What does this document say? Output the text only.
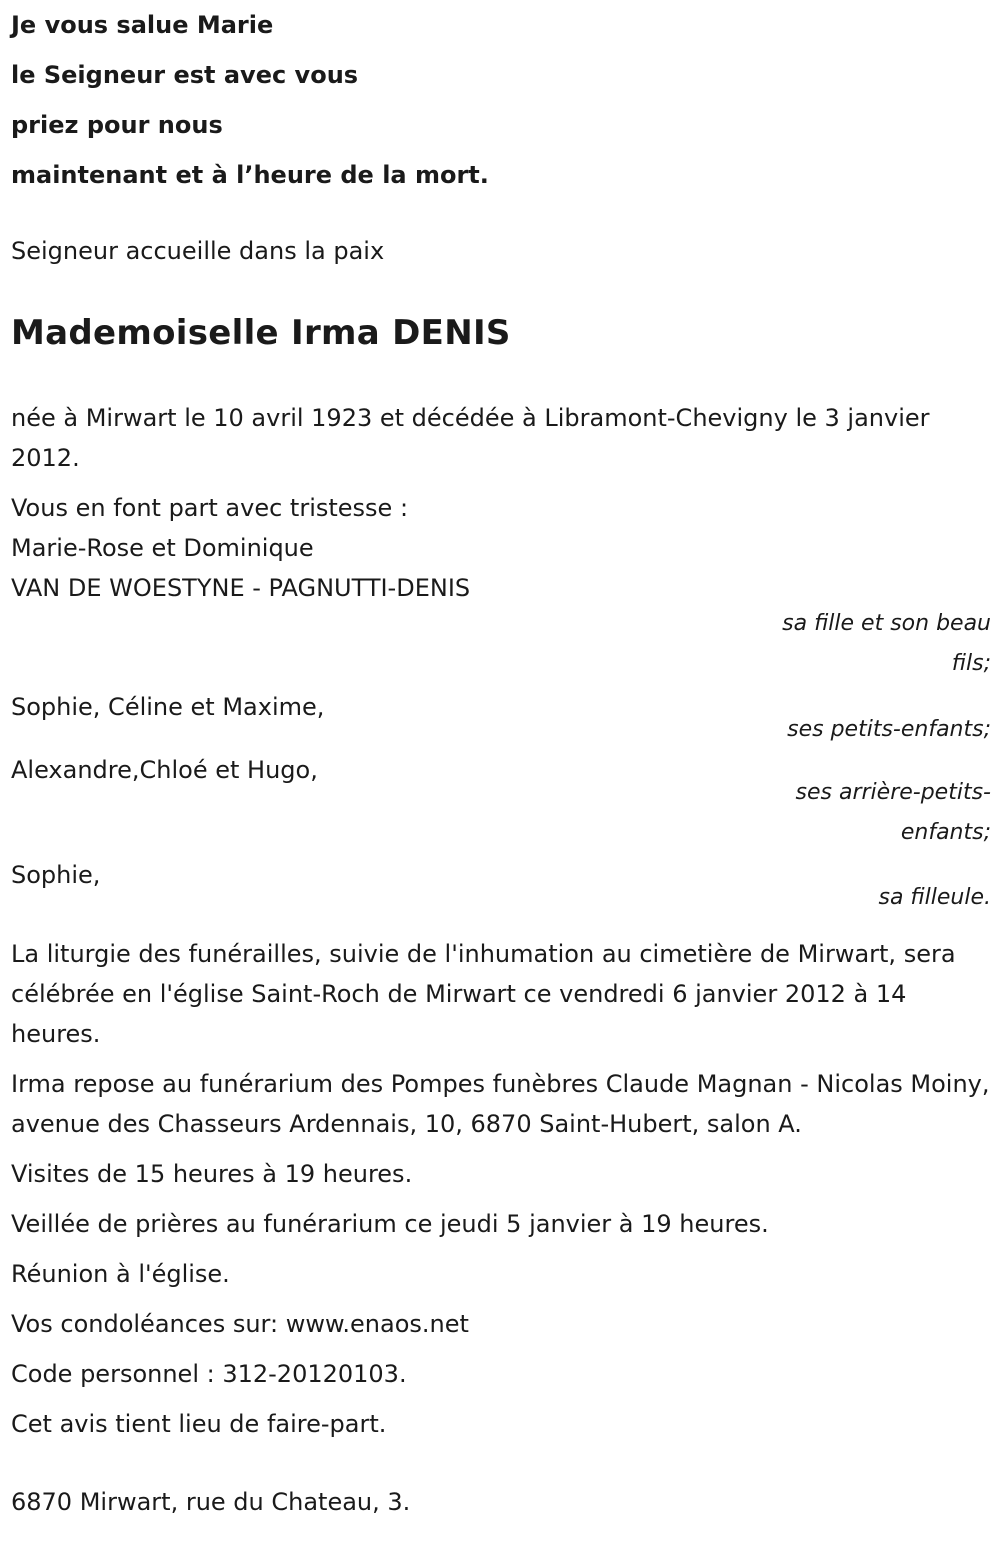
Je vous salue Marie
le Seigneur est avec vous
priez pour nous
maintenant et à l’heure de la mort.
Seigneur accueille dans la paix
Mademoiselle Irma DENIS
née à Mirwart le 10 avril 1923 et décédée à Libramont-Chevigny le 3 janvier 2012.
Vous en font part avec tristesse :
Marie-Rose et Dominique
VAN DE WOESTYNE - PAGNUTTI-DENIS
sa fille et son beau fils;
Sophie, Céline et Maxime,
ses petits-enfants;
Alexandre,Chloé et Hugo,
ses arrière-petits-enfants;
Sophie,
sa filleule.
La liturgie des funérailles, suivie de l'inhumation au cimetière de Mirwart, sera célébrée en l'église Saint-Roch de Mirwart ce vendredi 6 janvier 2012 à 14 heures.
Irma repose au funérarium des Pompes funèbres Claude Magnan - Nicolas Moiny, avenue des Chasseurs Ardennais, 10, 6870 Saint-Hubert, salon A.
Visites de 15 heures à 19 heures.
Veillée de prières au funérarium ce jeudi 5 janvier à 19 heures.
Réunion à l'église.
Vos condoléances sur: www.enaos.net
Code personnel : 312-20120103.
Cet avis tient lieu de faire-part.
6870 Mirwart, rue du Chateau, 3.
